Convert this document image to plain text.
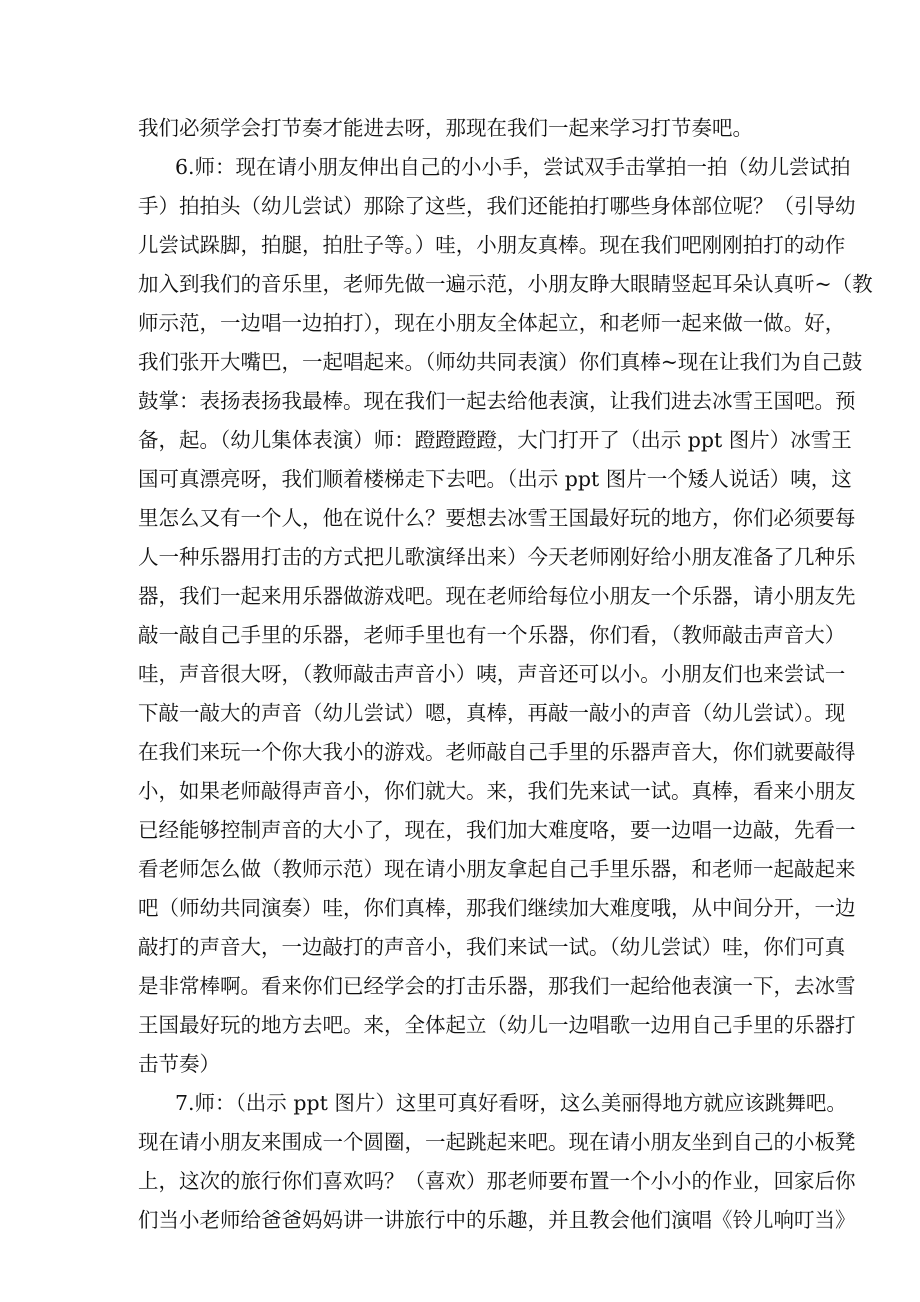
我们必须学会打节奏才能进去呀，那现在我们一起来学习打节奏吧。
6.师：现在请小朋友伸出自己的小小手，尝试双手击掌拍一拍（幼儿尝试拍
手）拍拍头（幼儿尝试）那除了这些，我们还能拍打哪些身体部位呢？（引导幼
儿尝试跺脚，拍腿，拍肚子等。）哇，小朋友真棒。现在我们吧刚刚拍打的动作
加入到我们的音乐里，老师先做一遍示范，小朋友睁大眼睛竖起耳朵认真听~（教
师示范，一边唱一边拍打），现在小朋友全体起立，和老师一起来做一做。好，
我们张开大嘴巴，一起唱起来。（师幼共同表演）你们真棒~现在让我们为自己鼓
鼓掌：表扬表扬我最棒。现在我们一起去给他表演，让我们进去冰雪王国吧。预
备，起。（幼儿集体表演）师：蹬蹬蹬蹬，大门打开了（出示 ppt 图片）冰雪王
国可真漂亮呀，我们顺着楼梯走下去吧。（出示 ppt 图片一个矮人说话）咦，这
里怎么又有一个人，他在说什么？要想去冰雪王国最好玩的地方，你们必须要每
人一种乐器用打击的方式把儿歌演绎出来）今天老师刚好给小朋友准备了几种乐
器，我们一起来用乐器做游戏吧。现在老师给每位小朋友一个乐器，请小朋友先
敲一敲自己手里的乐器，老师手里也有一个乐器，你们看，（教师敲击声音大）
哇，声音很大呀，（教师敲击声音小）咦，声音还可以小。小朋友们也来尝试一
下敲一敲大的声音（幼儿尝试）嗯，真棒，再敲一敲小的声音（幼儿尝试）。现
在我们来玩一个你大我小的游戏。老师敲自己手里的乐器声音大，你们就要敲得
小，如果老师敲得声音小，你们就大。来，我们先来试一试。真棒，看来小朋友
已经能够控制声音的大小了，现在，我们加大难度咯，要一边唱一边敲，先看一
看老师怎么做（教师示范）现在请小朋友拿起自己手里乐器，和老师一起敲起来
吧（师幼共同演奏）哇，你们真棒，那我们继续加大难度哦，从中间分开，一边
敲打的声音大，一边敲打的声音小，我们来试一试。（幼儿尝试）哇，你们可真
是非常棒啊。看来你们已经学会的打击乐器，那我们一起给他表演一下，去冰雪
王国最好玩的地方去吧。来，全体起立（幼儿一边唱歌一边用自己手里的乐器打
击节奏）
7.师：（出示 ppt 图片）这里可真好看呀，这么美丽得地方就应该跳舞吧。
现在请小朋友来围成一个圆圈，一起跳起来吧。现在请小朋友坐到自己的小板凳
上，这次的旅行你们喜欢吗？（喜欢）那老师要布置一个小小的作业，回家后你
们当小老师给爸爸妈妈讲一讲旅行中的乐趣，并且教会他们演唱《铃儿响叮当》
